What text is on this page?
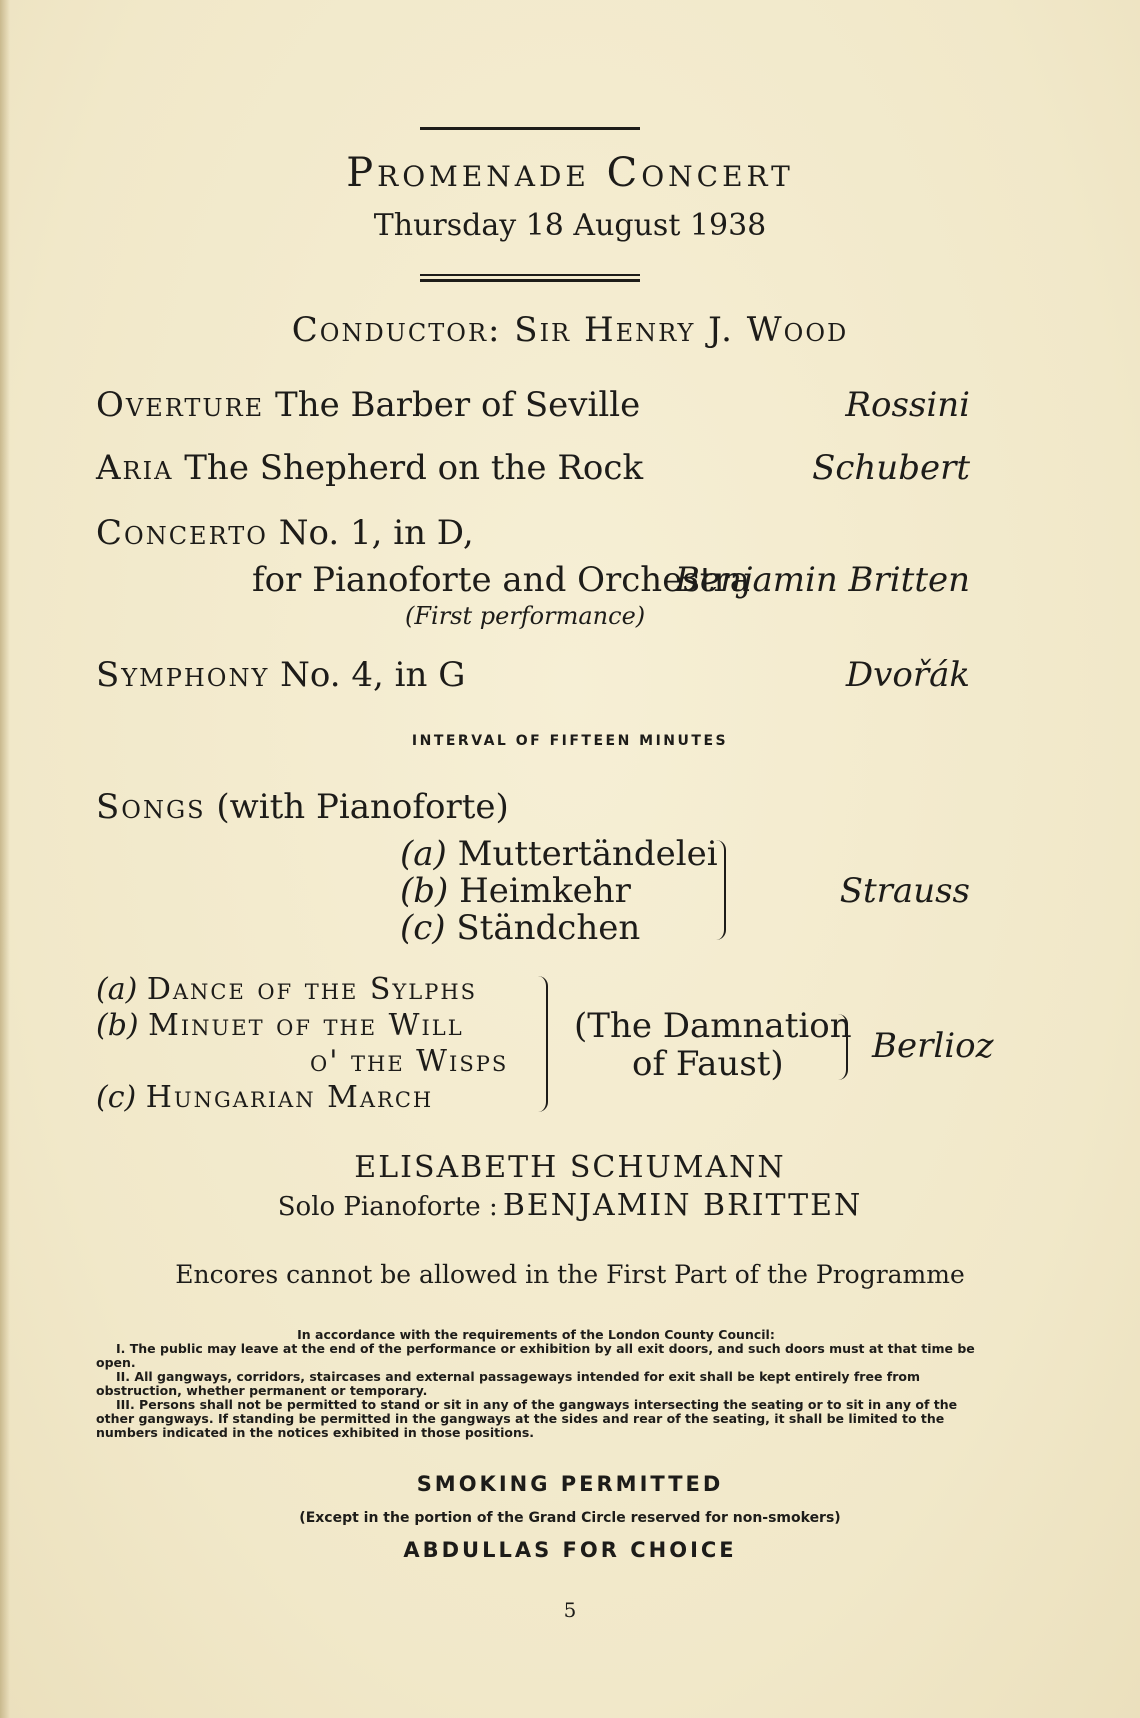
Promenade Concert
Thursday 18 August 1938
Conductor: Sir Henry J. Wood
Overture The Barber of Seville	Rossini
Aria The Shepherd on the Rock	Schubert
Concerto No. 1, in D,
for Pianoforte and Orchestra
Benjamin Britten
(First performance)
Symphony No. 4, in G	Dvořák
INTERVAL OF FIFTEEN MINUTES
Songs (with Pianoforte)
(a) Muttertändelei
(b) Heimkehr
(c) Ständchen
Strauss
(a) Dance of the Sylphs
(b) Minuet of the Will
o' the Wisps
(c) Hungarian March
(The Damnation
of Faust)	Berlioz
ELISABETH SCHUMANN
Solo Pianoforte : BENJAMIN BRITTEN
Encores cannot be allowed in the First Part of the Programme
In accordance with the requirements of the London County Council:
I. The public may leave at the end of the performance or exhibition by all exit doors, and such doors must at that time be open.
II. All gangways, corridors, staircases and external passageways intended for exit shall be kept entirely free from obstruction, whether permanent or temporary.
III. Persons shall not be permitted to stand or sit in any of the gangways intersecting the seating or to sit in any of the other gangways. If standing be permitted in the gangways at the sides and rear of the seating, it shall be limited to the numbers indicated in the notices exhibited in those positions.
SMOKING PERMITTED
(Except in the portion of the Grand Circle reserved for non-smokers)
ABDULLAS FOR CHOICE
5
